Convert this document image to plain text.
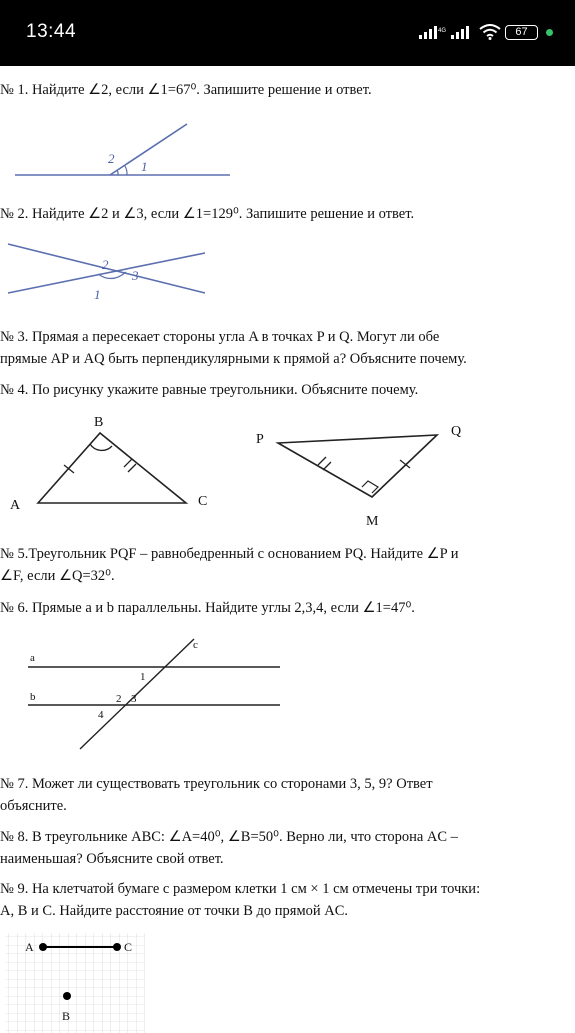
13:44	4G	67
№ 1. Найдите ∠2, если ∠1=67⁰. Запишите решение и ответ.
2
1
№ 2. Найдите ∠2 и ∠3, если ∠1=129⁰. Запишите решение и ответ.
2
3
1
№ 3. Прямая a пересекает стороны угла A в точках P и Q. Могут ли обе
прямые AP и AQ быть перпендикулярными к прямой a? Объясните почему.
№ 4. По рисунку укажите равные треугольники. Объясните почему.
B
A	C
P
Q
M
№ 5.Треугольник PQF – равнобедренный с основанием PQ. Найдите ∠P и
∠F, если ∠Q=32⁰.
№ 6. Прямые a и b параллельны. Найдите углы 2,3,4, если ∠1=47⁰.
a
b
c
1
2 3
4
№ 7. Может ли существовать треугольник со сторонами 3, 5, 9? Ответ
объясните.
№ 8. В треугольнике ABC: ∠A=40⁰, ∠B=50⁰. Верно ли, что сторона AC –
наименьшая? Объясните свой ответ.
№ 9. На клетчатой бумаге с размером клетки 1 см × 1 см отмечены три точки:
A, B и C. Найдите расстояние от точки B до прямой AC.
A	C
B
